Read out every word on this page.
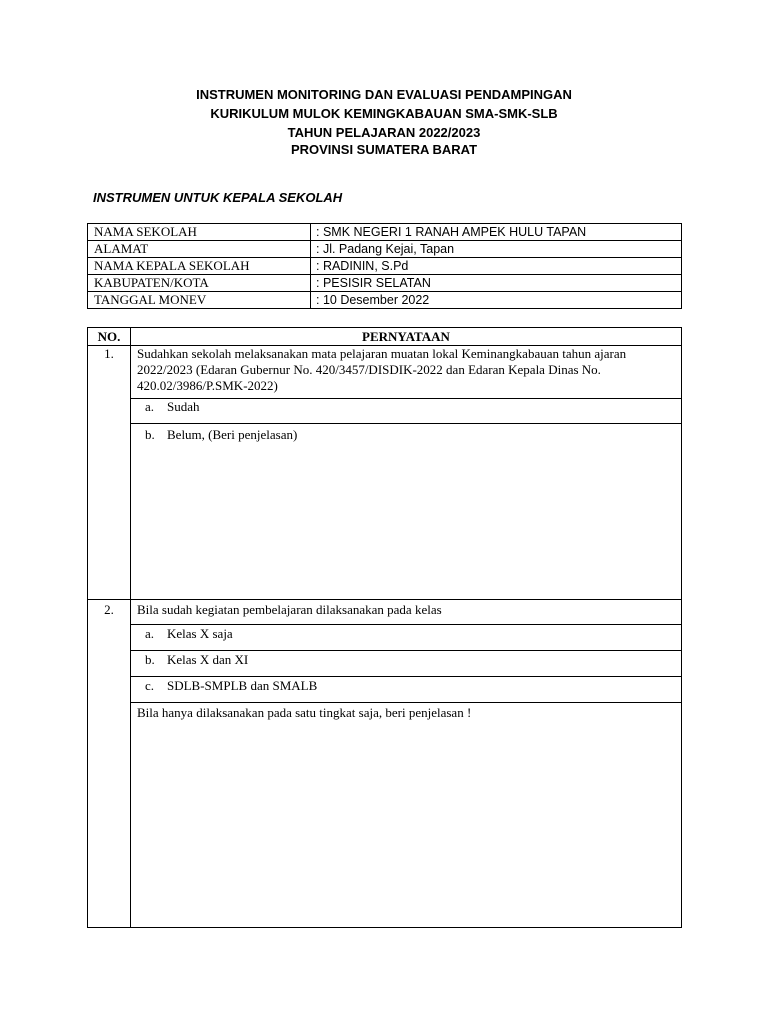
INSTRUMEN MONITORING DAN EVALUASI PENDAMPINGAN
KURIKULUM MULOK KEMINGKABAUAN SMA-SMK-SLB
TAHUN PELAJARAN 2022/2023
PROVINSI SUMATERA BARAT
INSTRUMEN UNTUK KEPALA SEKOLAH
NAMA SEKOLAH	: SMK NEGERI 1 RANAH AMPEK HULU TAPAN
ALAMAT	: Jl. Padang Kejai, Tapan
NAMA KEPALA SEKOLAH	: RADININ, S.Pd
KABUPATEN/KOTA	: PESISIR SELATAN
TANGGAL MONEV	: 10 Desember 2022
NO.	PERNYATAAN
1.	Sudahkan sekolah melaksanakan mata pelajaran muatan lokal Keminangkabauan tahun ajaran 2022/2023 (Edaran Gubernur No. 420/3457/DISDIK-2022 dan Edaran Kepala Dinas No. 420.02/3986/P.SMK-2022)
	a. Sudah
	b. Belum, (Beri penjelasan)
2.	Bila sudah kegiatan pembelajaran dilaksanakan pada kelas
	a. Kelas X saja
	b. Kelas X dan XI
	c. SDLB-SMPLB dan SMALB
	Bila hanya dilaksanakan pada satu tingkat saja, beri penjelasan !
